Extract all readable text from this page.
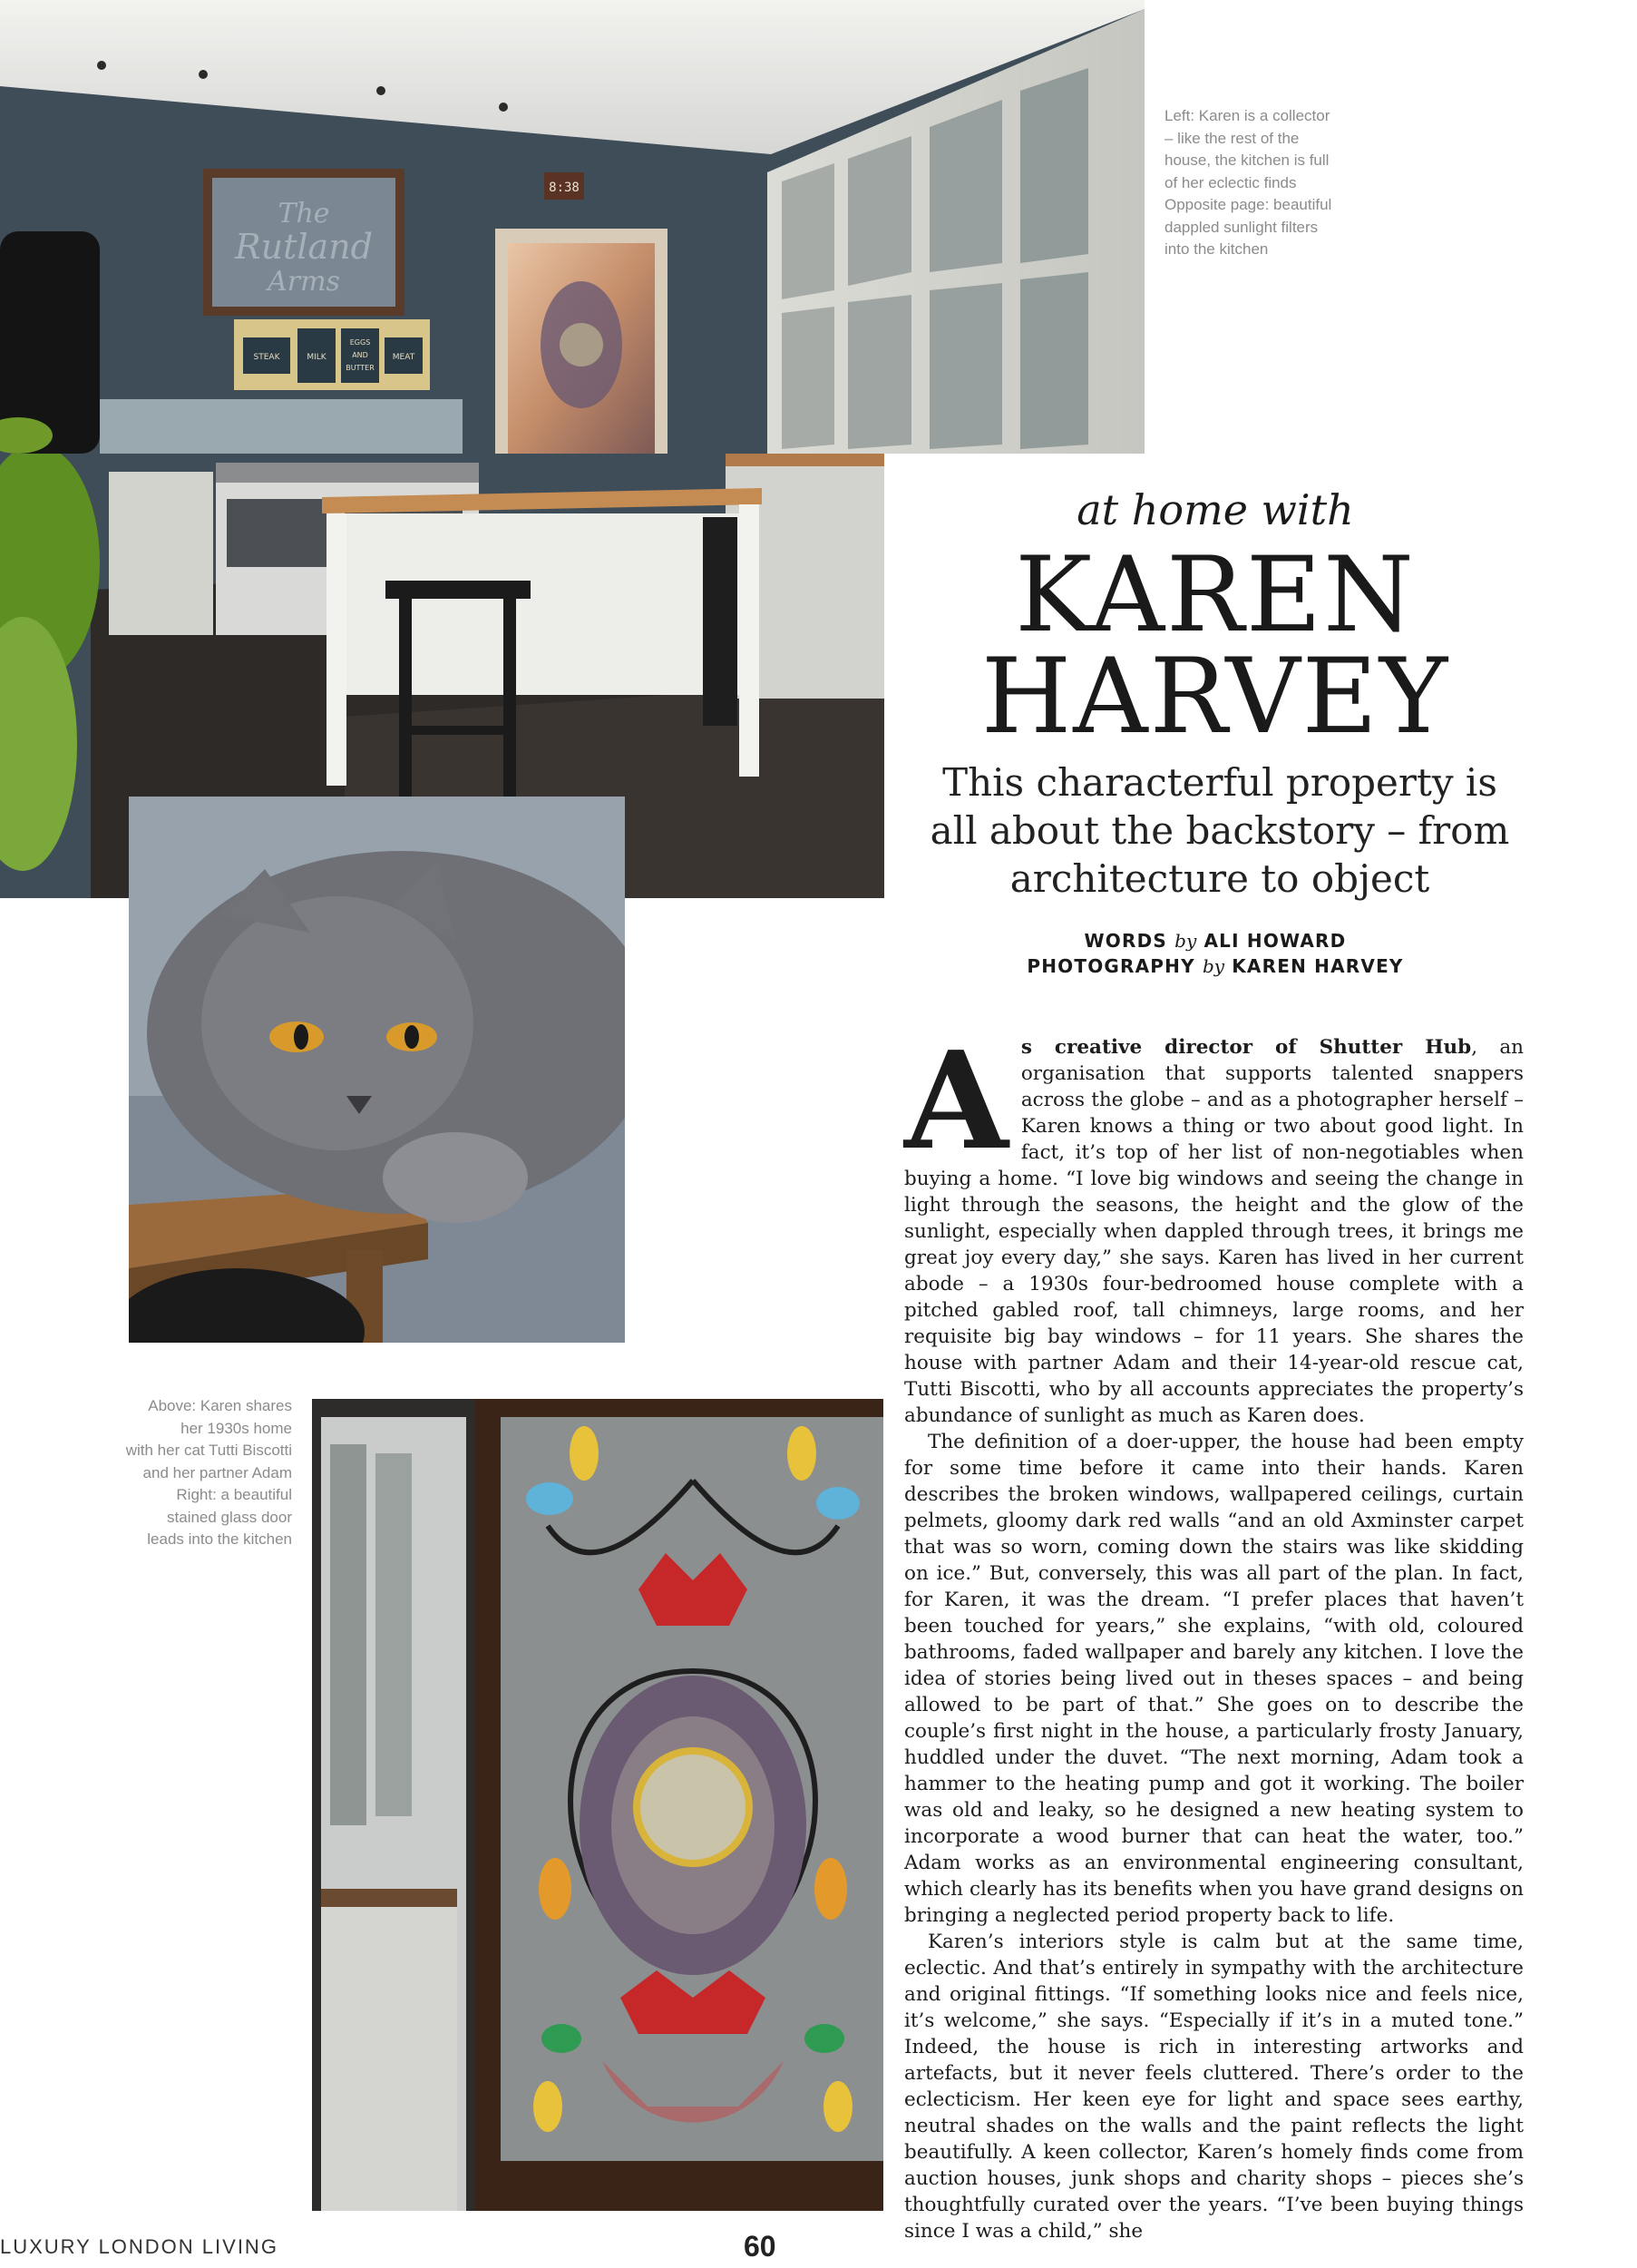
The
Rutland
Arms
8:38
STEAK	MILK
EGGS
AND
BUTTER
MEAT
Left: Karen is a collector
– like the rest of the
house, the kitchen is full
of her eclectic finds
Opposite page: beautiful
dappled sunlight filters
into the kitchen
Above: Karen shares
her 1930s home
with her cat Tutti Biscotti
and her partner Adam
Right: a beautiful
stained glass door
leads into the kitchen
at home with
KAREN
HARVEY
This characterful property is all about the backstory – from architecture to object
WORDS by ALI HOWARD
PHOTOGRAPHY by KAREN HARVEY

As creative director of Shutter Hub, an organisation that supports talented snappers across the globe – and as a photographer herself – Karen knows a thing or two about good light. In fact, it’s top of her list of non-negotiables when buying a home. “I love big windows and seeing the change in light through the seasons, the height and the glow of the sunlight, especially when dappled through trees, it brings me great joy every day,” she says. Karen has lived in her current abode – a 1930s four-bedroomed house complete with a pitched gabled roof, tall chimneys, large rooms, and her requisite big bay windows – for 11 years. She shares the house with partner Adam and their 14-year-old rescue cat, Tutti Biscotti, who by all accounts appreciates the property’s abundance of sunlight as much as Karen does.

The definition of a doer-upper, the house had been empty for some time before it came into their hands. Karen describes the broken windows, wallpapered ceilings, curtain pelmets, gloomy dark red walls “and an old Axminster carpet that was so worn, coming down the stairs was like skidding on ice.” But, conversely, this was all part of the plan. In fact, for Karen, it was the dream. “I prefer places that haven’t been touched for years,” she explains, “with old, coloured bathrooms, faded wallpaper and barely any kitchen. I love the idea of stories being lived out in theses spaces – and being allowed to be part of that.” She goes on to describe the couple’s first night in the house, a particularly frosty January, huddled under the duvet. “The next morning, Adam took a hammer to the heating pump and got it working. The boiler was old and leaky, so he designed a new heating system to incorporate a wood burner that can heat the water, too.” Adam works as an environmental engineering consultant, which clearly has its benefits when you have grand designs on bringing a neglected period property back to life.

Karen’s interiors style is calm but at the same time, eclectic. And that’s entirely in sympathy with the architecture and original fittings. “If something looks nice and feels nice, it’s welcome,” she says. “Especially if it’s in a muted tone.” Indeed, the house is rich in interesting artworks and artefacts, but it never feels cluttered. There’s order to the eclecticism. Her keen eye for light and space sees earthy, neutral shades on the walls and the paint reflects the light beautifully. A keen collector, Karen’s homely finds come from auction houses, junk shops and charity shops – pieces she’s thoughtfully curated over the years. “I’ve been buying things since I was a child,” she

LUXURY LONDON LIVING	60
